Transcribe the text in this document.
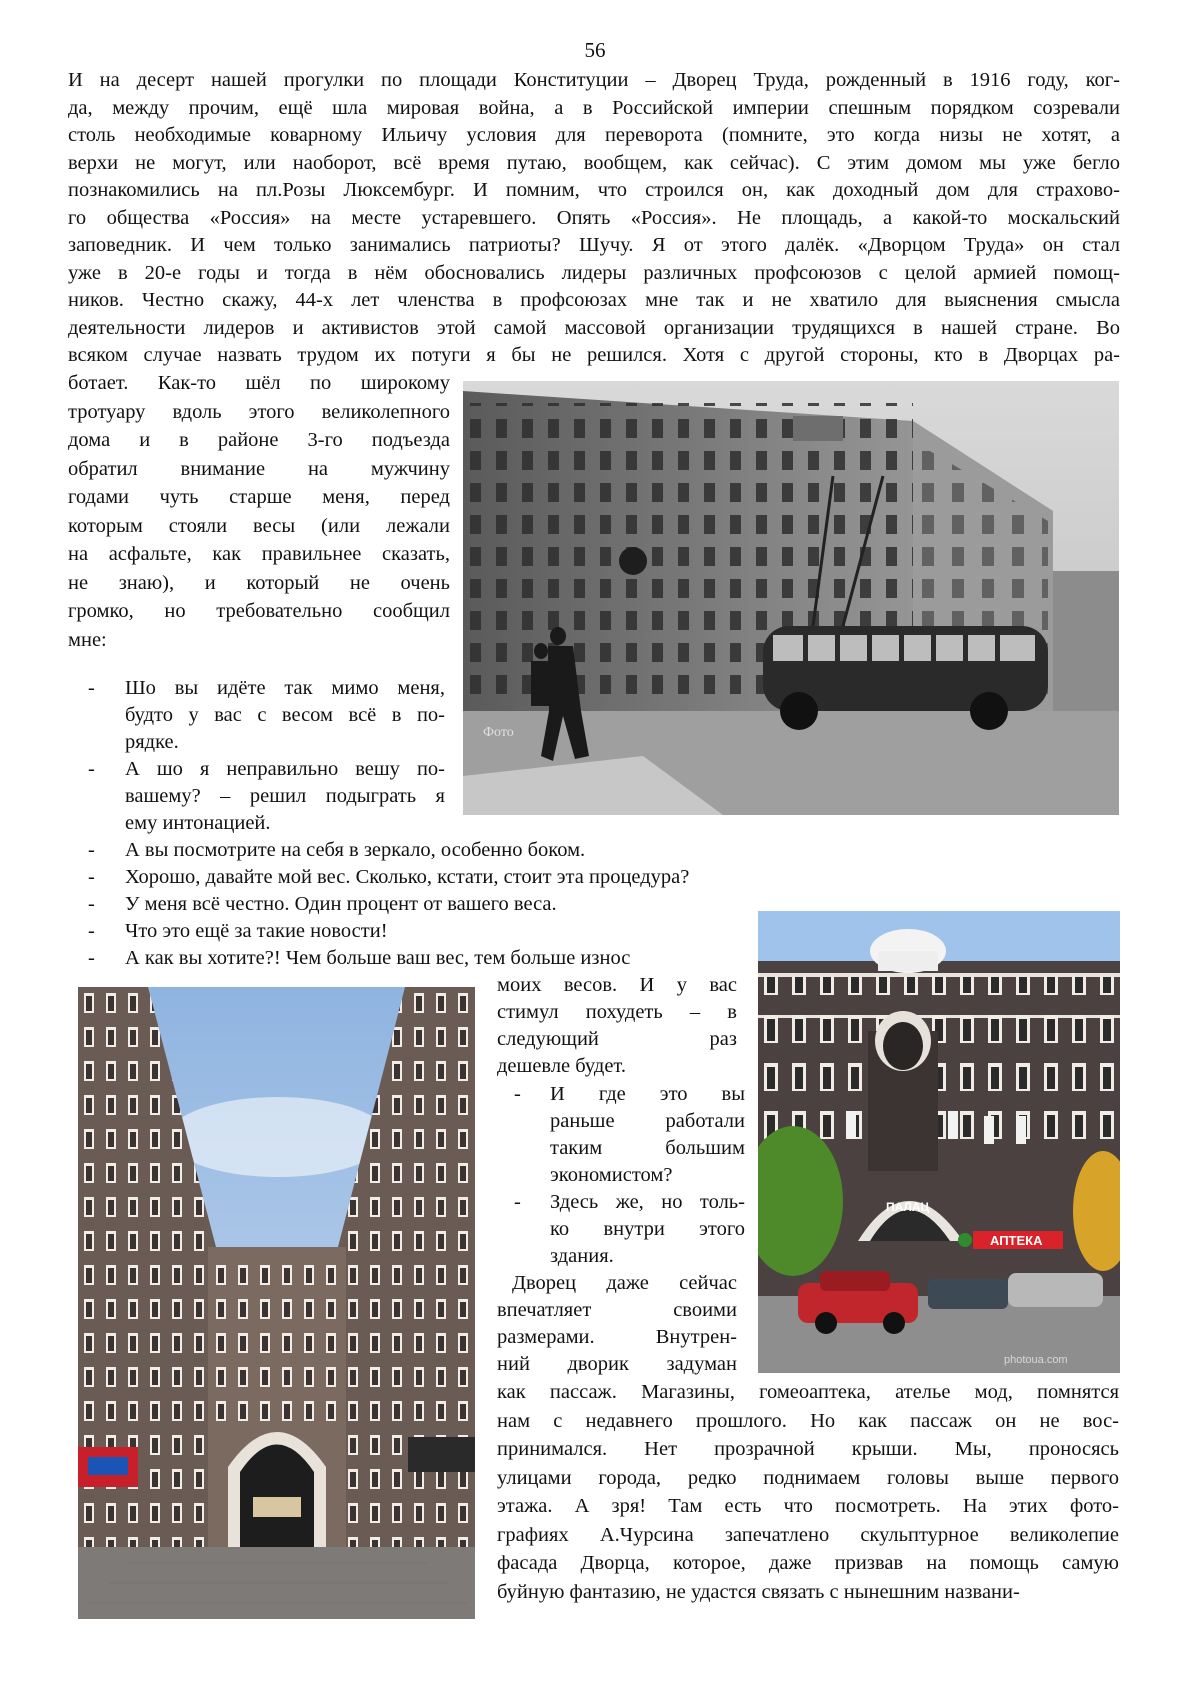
56
И на десерт нашей прогулки по площади Конституции – Дворец Труда, рожденный в 1916 году, ког-
да, между прочим, ещё шла мировая война, а в Российской империи спешным порядком созревали
столь необходимые коварному Ильичу условия для переворота (помните, это когда низы не хотят, а
верхи не могут, или наоборот, всё время путаю, вообщем, как сейчас). С этим домом мы уже бегло
познакомились на пл.Розы Люксембург. И помним, что строился он, как доходный дом для страхово-
го общества «Россия» на месте устаревшего. Опять «Россия». Не площадь, а какой-то москальский
заповедник. И чем только занимались патриоты? Шучу. Я от этого далёк. «Дворцом Труда» он стал
уже в 20-е годы и тогда в нём обосновались лидеры различных профсоюзов с целой армией помощ-
ников. Честно скажу, 44-х лет членства в профсоюзах мне так и не хватило для выяснения смысла
деятельности лидеров и активистов этой самой массовой организации трудящихся в нашей стране. Во
всяком случае назвать трудом их потуги я бы не решился. Хотя с другой стороны, кто в Дворцах ра-
ботает. Как-то шёл по широкому
тротуару вдоль этого великолепного
дома и в районе 3-го подъезда
обратил внимание на мужчину
годами чуть старше меня, перед
которым стояли весы (или лежали
на асфальте, как правильнее сказать,
не знаю), и который не очень
громко, но требовательно сообщил
мне:
- Шо вы идёте так мимо меня,
будто у вас с весом всё в по-
рядке.
- А шо я неправильно вешу по-
вашему? – решил подыграть я
ему интонацией.
- А вы посмотрите на себя в зеркало, особенно боком.
- Хорошо, давайте мой вес. Сколько, кстати, стоит эта процедура?
- У меня всё честно. Один процент от вашего веса.
- Что это ещё за такие новости!
- А как вы хотите?! Чем больше ваш вес, тем больше износ
моих весов. И у вас
стимул похудеть – в
следующий раз
дешевле будет.
- И где это вы
раньше работали
таким большим
экономистом?
- Здесь же, но толь-
ко внутри этого
здания.
Дворец даже сейчас
впечатляет своими
размерами. Внутрен-
ний дворик задуман
как пассаж. Магазины, гомеоаптека, ателье мод, помнятся
нам с недавнего прошлого. Но как пассаж он не вос-
принимался. Нет прозрачной крыши. Мы, проносясь
улицами города, редко поднимаем головы выше первого
этажа. А зря! Там есть что посмотреть. На этих фото-
графиях А.Чурсина запечатлено скульптурное великолепие
фасада Дворца, которое, даже призвав на помощь самую
буйную фантазию, не удастся связать с нынешним названи-
Фото
ПАЛАЦ
АПТЕКА
photoua.com
